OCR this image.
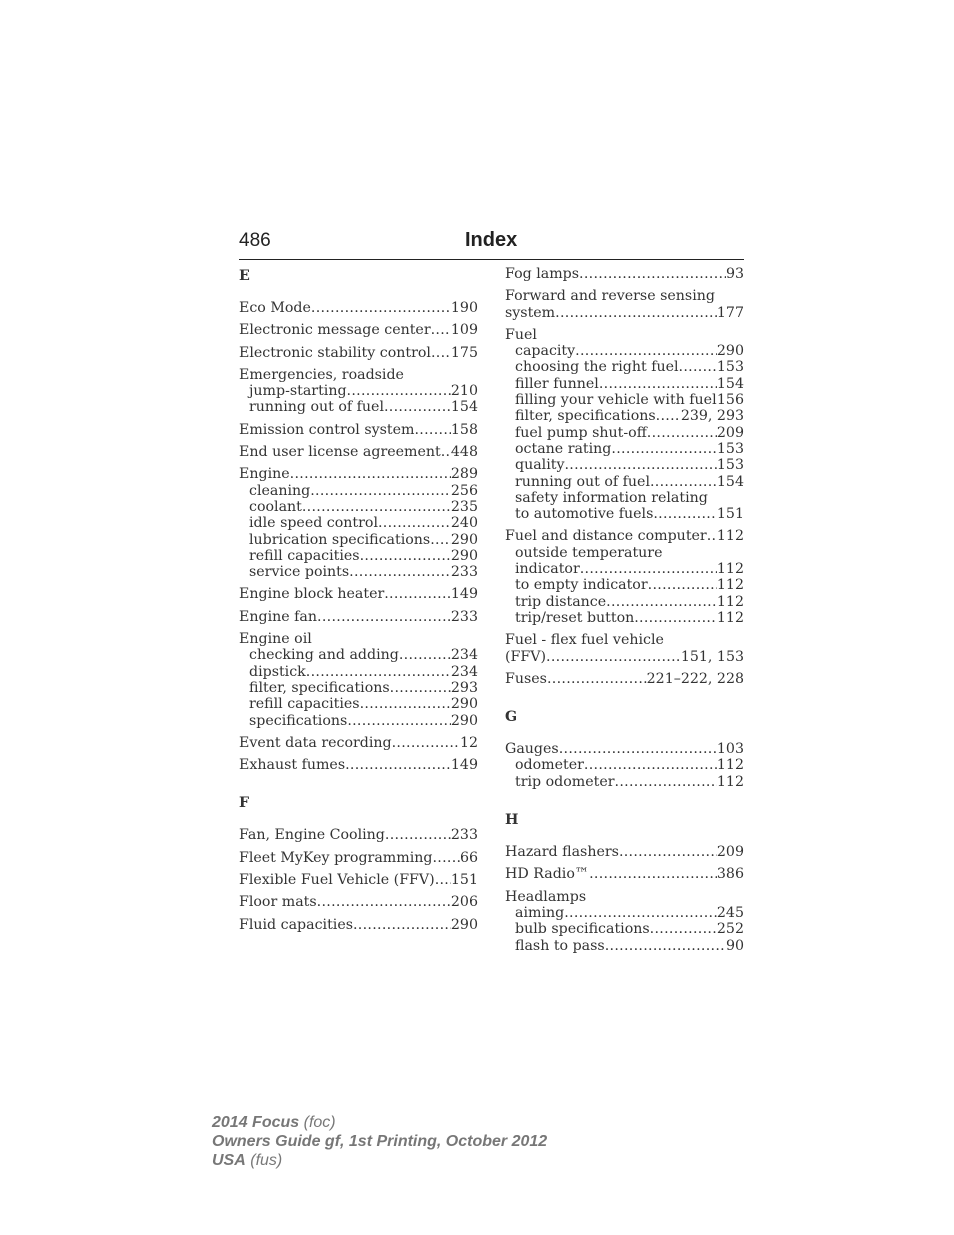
486	Index
E
Eco Mode .....	190
Electronic message center ..... 109
Electronic stability control ..... 175
Emergencies, roadside
jump-starting .....	210
running out of fuel .....	154
Emission control system .....	158
End user license agreement ..... 448
Engine .....	289
cleaning .....	256
coolant .....	235
idle speed control .....	240
lubrication specifications ..... 290
refill capacities .....	290
service points .....	233
Engine block heater .....	149
Engine fan .....	233
Engine oil
checking and adding .....	234
dipstick .....	234
filter, specifications .....	293
refill capacities .....	290
specifications .....	290
Event data recording .....	12
Exhaust fumes .....	149
F
Fan, Engine Cooling .....	233
Fleet MyKey programming ..... 66
Flexible Fuel Vehicle (FFV) ..... 151
Floor mats .....	206
Fluid capacities .....	290
Fog lamps .....	93
Forward and reverse sensing
system .....	177
Fuel
capacity .....	290
choosing the right fuel .....	153
filler funnel .....	154
filling your vehicle with fuel ..... 156
filter, specifications ..... 239, 293
fuel pump shut-off .....	209
octane rating .....	153
quality .....	153
running out of fuel .....	154
safety information relating
to automotive fuels .....	151
Fuel and distance computer ..... 112
outside temperature
indicator .....	112
to empty indicator .....	112
trip distance .....	112
trip/reset button .....	112
Fuel - flex fuel vehicle
(FFV) .....	151, 153
Fuses .....	221–222, 228
G
Gauges .....	103
odometer .....	112
trip odometer .....	112
H
Hazard flashers .....	209
HD Radio™ .....	386
Headlamps
aiming .....	245
bulb specifications .....	252
flash to pass .....	90
2014 Focus (foc)
Owners Guide gf, 1st Printing, October 2012
USA (fus)
